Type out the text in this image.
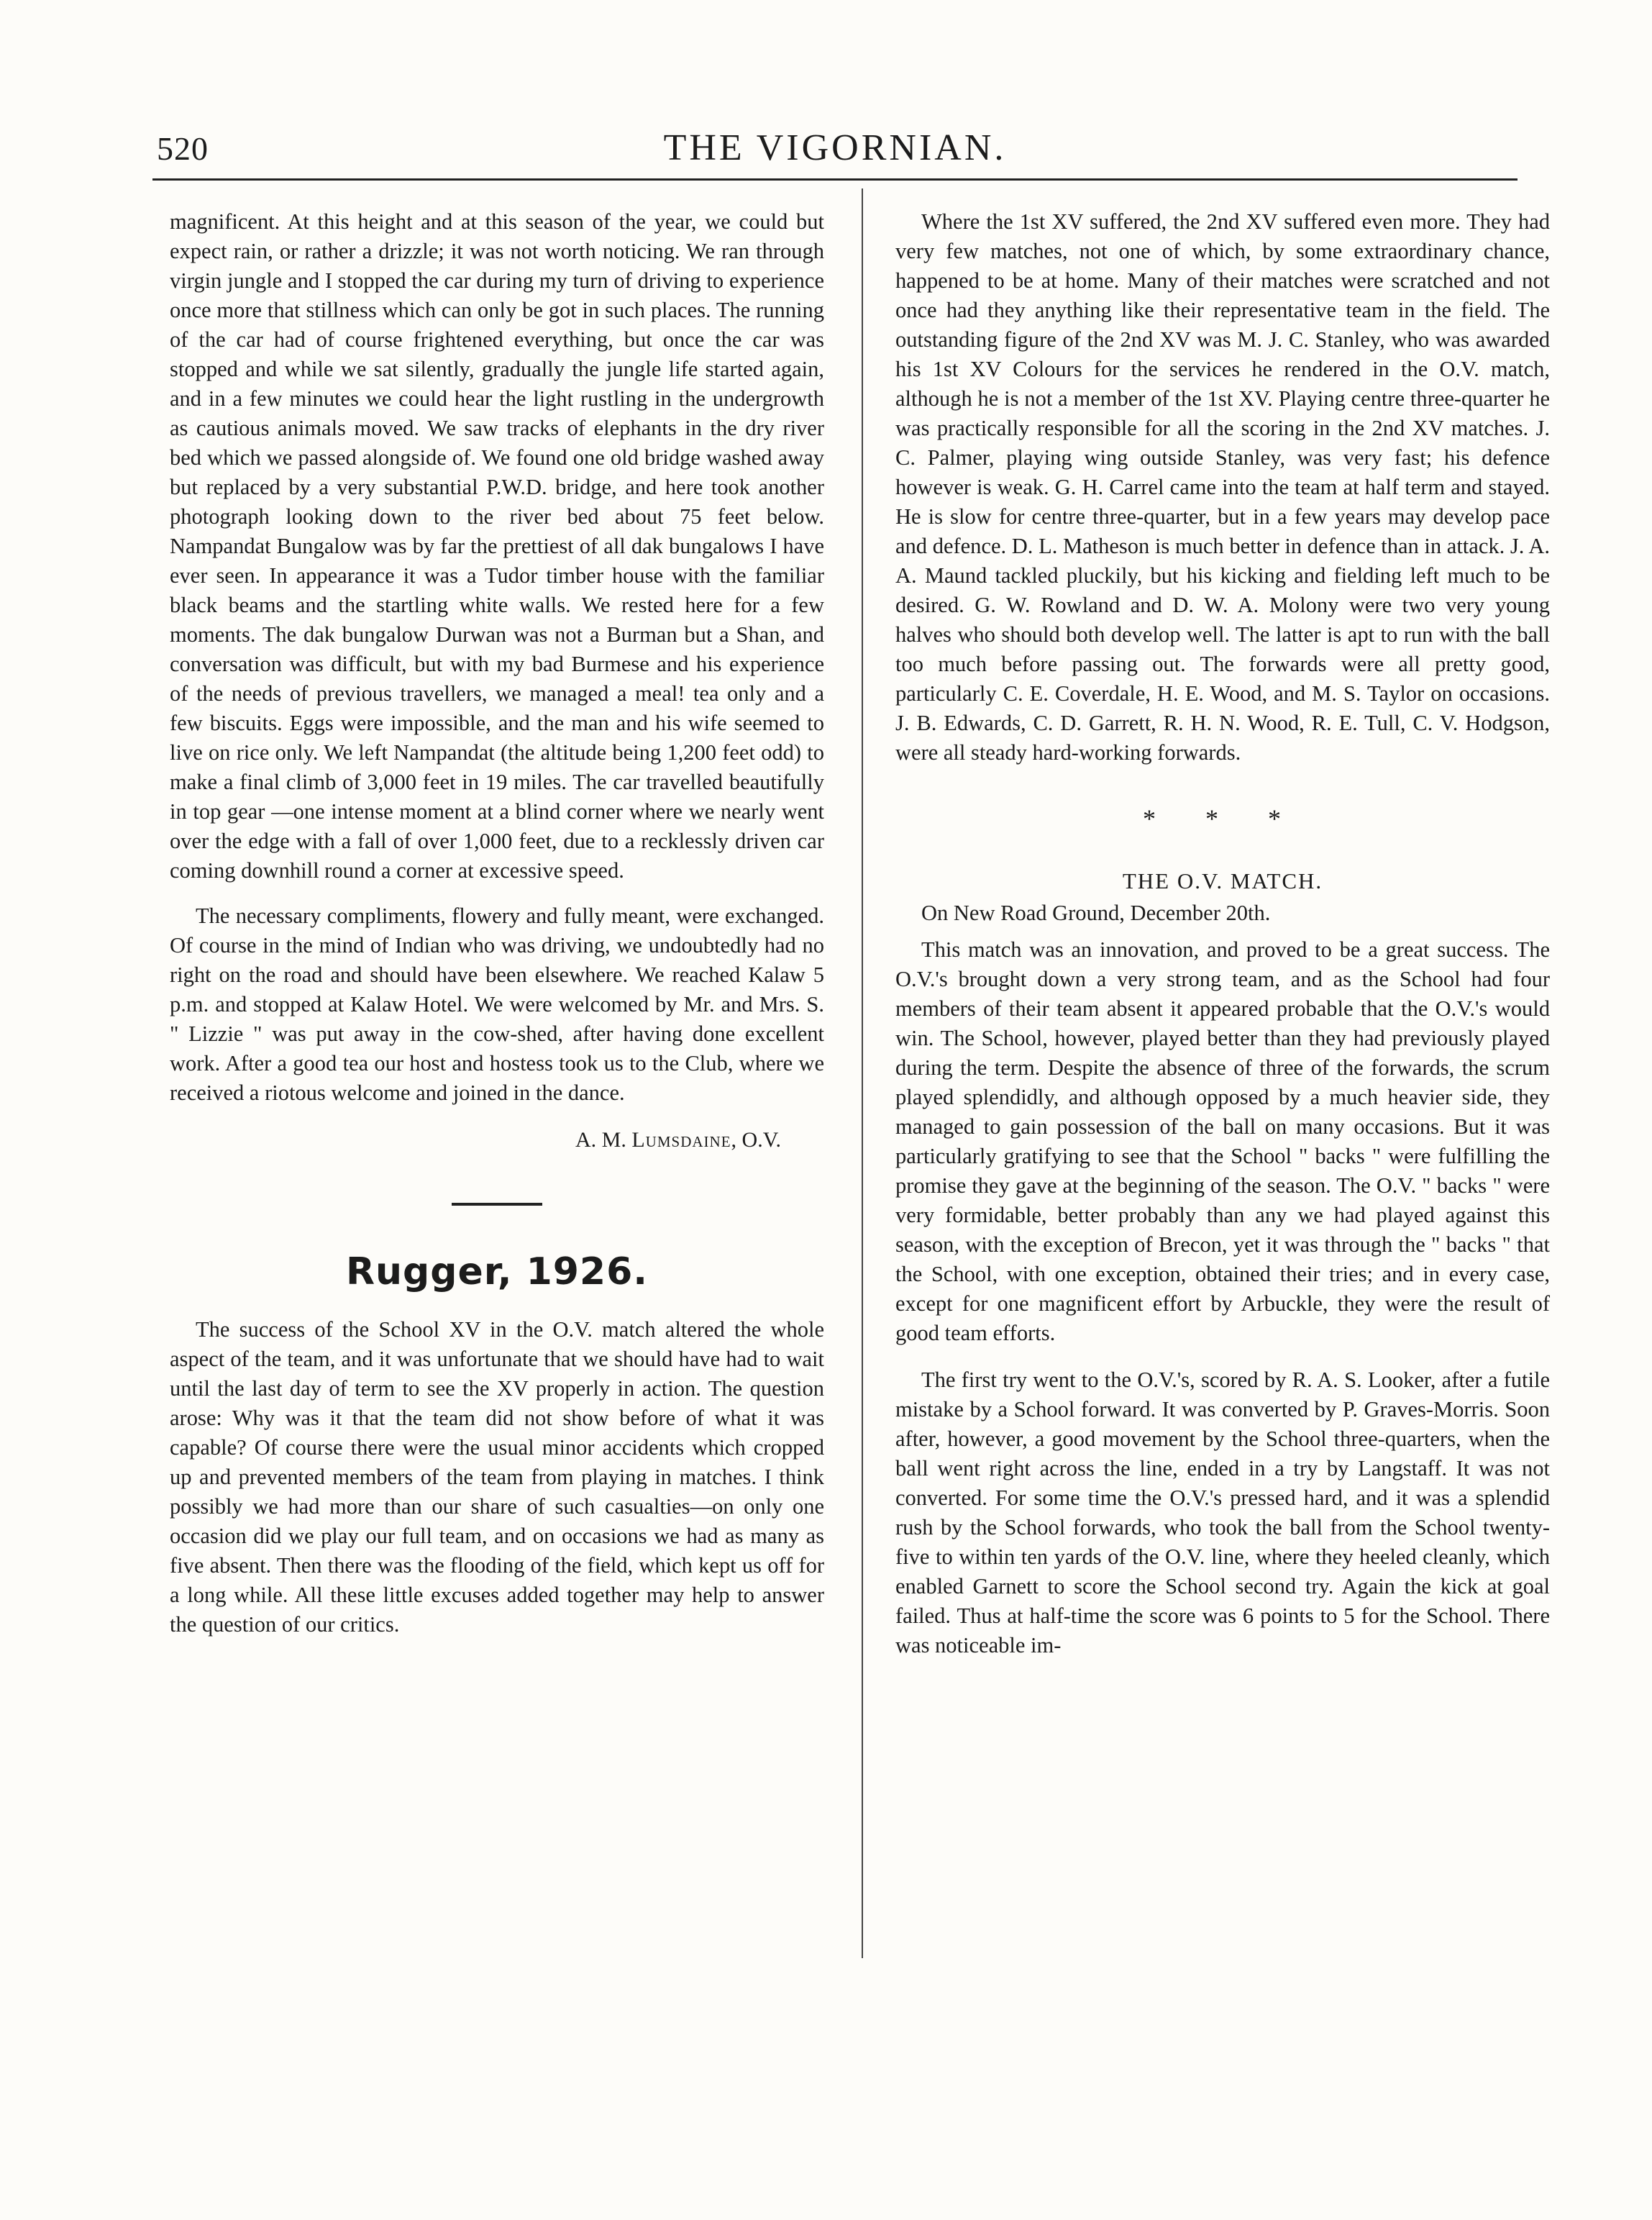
520	THE VIGORNIAN.

magnificent. At this height and at this season of the year, we could but expect rain, or rather a drizzle; it was not worth noticing. We ran through virgin jungle and I stopped the car during my turn of driving to experience once more that stillness which can only be got in such places. The running of the car had of course frightened everything, but once the car was stopped and while we sat silently, gradually the jungle life started again, and in a few minutes we could hear the light rustling in the undergrowth as cautious animals moved. We saw tracks of elephants in the dry river bed which we passed alongside of. We found one old bridge washed away but replaced by a very substantial P.W.D. bridge, and here took another photograph looking down to the river bed about 75 feet below. Nampandat Bungalow was by far the prettiest of all dak bungalows I have ever seen. In appearance it was a Tudor timber house with the familiar black beams and the startling white walls. We rested here for a few moments. The dak bungalow Durwan was not a Burman but a Shan, and conversation was difficult, but with my bad Burmese and his experience of the needs of previous travellers, we managed a meal! tea only and a few biscuits. Eggs were impossible, and the man and his wife seemed to live on rice only. We left Nampandat (the altitude being 1,200 feet odd) to make a final climb of 3,000 feet in 19 miles. The car travelled beautifully in top gear —one intense moment at a blind corner where we nearly went over the edge with a fall of over 1,000 feet, due to a recklessly driven car coming downhill round a corner at excessive speed.

The necessary compliments, flowery and fully meant, were exchanged. Of course in the mind of Indian who was driving, we undoubtedly had no right on the road and should have been elsewhere. We reached Kalaw 5 p.m. and stopped at Kalaw Hotel. We were welcomed by Mr. and Mrs. S. " Lizzie " was put away in the cow-shed, after having done excellent work. After a good tea our host and hostess took us to the Club, where we received a riotous welcome and joined in the dance.

A. M. Lumsdaine, O.V.
Rugger, 1926.

The success of the School XV in the O.V. match altered the whole aspect of the team, and it was unfortunate that we should have had to wait until the last day of term to see the XV properly in action. The question arose: Why was it that the team did not show before of what it was capable? Of course there were the usual minor accidents which cropped up and prevented members of the team from playing in matches. I think possibly we had more than our share of such casualties—on only one occasion did we play our full team, and on occasions we had as many as five absent. Then there was the flooding of the field, which kept us off for a long while. All these little excuses added together may help to answer the question of our critics.

Where the 1st XV suffered, the 2nd XV suffered even more. They had very few matches, not one of which, by some extraordinary chance, happened to be at home. Many of their matches were scratched and not once had they anything like their representative team in the field. The outstanding figure of the 2nd XV was M. J. C. Stanley, who was awarded his 1st XV Colours for the services he rendered in the O.V. match, although he is not a member of the 1st XV. Playing centre three-quarter he was practically responsible for all the scoring in the 2nd XV matches. J. C. Palmer, playing wing outside Stanley, was very fast; his defence however is weak. G. H. Carrel came into the team at half term and stayed. He is slow for centre three-quarter, but in a few years may develop pace and defence. D. L. Matheson is much better in defence than in attack. J. A. A. Maund tackled pluckily, but his kicking and fielding left much to be desired. G. W. Rowland and D. W. A. Molony were two very young halves who should both develop well. The latter is apt to run with the ball too much before passing out. The forwards were all pretty good, particularly C. E. Coverdale, H. E. Wood, and M. S. Taylor on occasions. J. B. Edwards, C. D. Garrett, R. H. N. Wood, R. E. Tull, C. V. Hodgson, were all steady hard-working forwards.

* * *
THE O.V. MATCH.
On New Road Ground, December 20th.

This match was an innovation, and proved to be a great success. The O.V.'s brought down a very strong team, and as the School had four members of their team absent it appeared probable that the O.V.'s would win. The School, however, played better than they had previously played during the term. Despite the absence of three of the forwards, the scrum played splendidly, and although opposed by a much heavier side, they managed to gain possession of the ball on many occasions. But it was particularly gratifying to see that the School " backs " were fulfilling the promise they gave at the beginning of the season. The O.V. " backs " were very formidable, better probably than any we had played against this season, with the exception of Brecon, yet it was through the " backs " that the School, with one exception, obtained their tries; and in every case, except for one magnificent effort by Arbuckle, they were the result of good team efforts.

The first try went to the O.V.'s, scored by R. A. S. Looker, after a futile mistake by a School forward. It was converted by P. Graves-Morris. Soon after, however, a good movement by the School three-quarters, when the ball went right across the line, ended in a try by Langstaff. It was not converted. For some time the O.V.'s pressed hard, and it was a splendid rush by the School forwards, who took the ball from the School twenty-five to within ten yards of the O.V. line, where they heeled cleanly, which enabled Garnett to score the School second try. Again the kick at goal failed. Thus at half-time the score was 6 points to 5 for the School. There was noticeable im-
